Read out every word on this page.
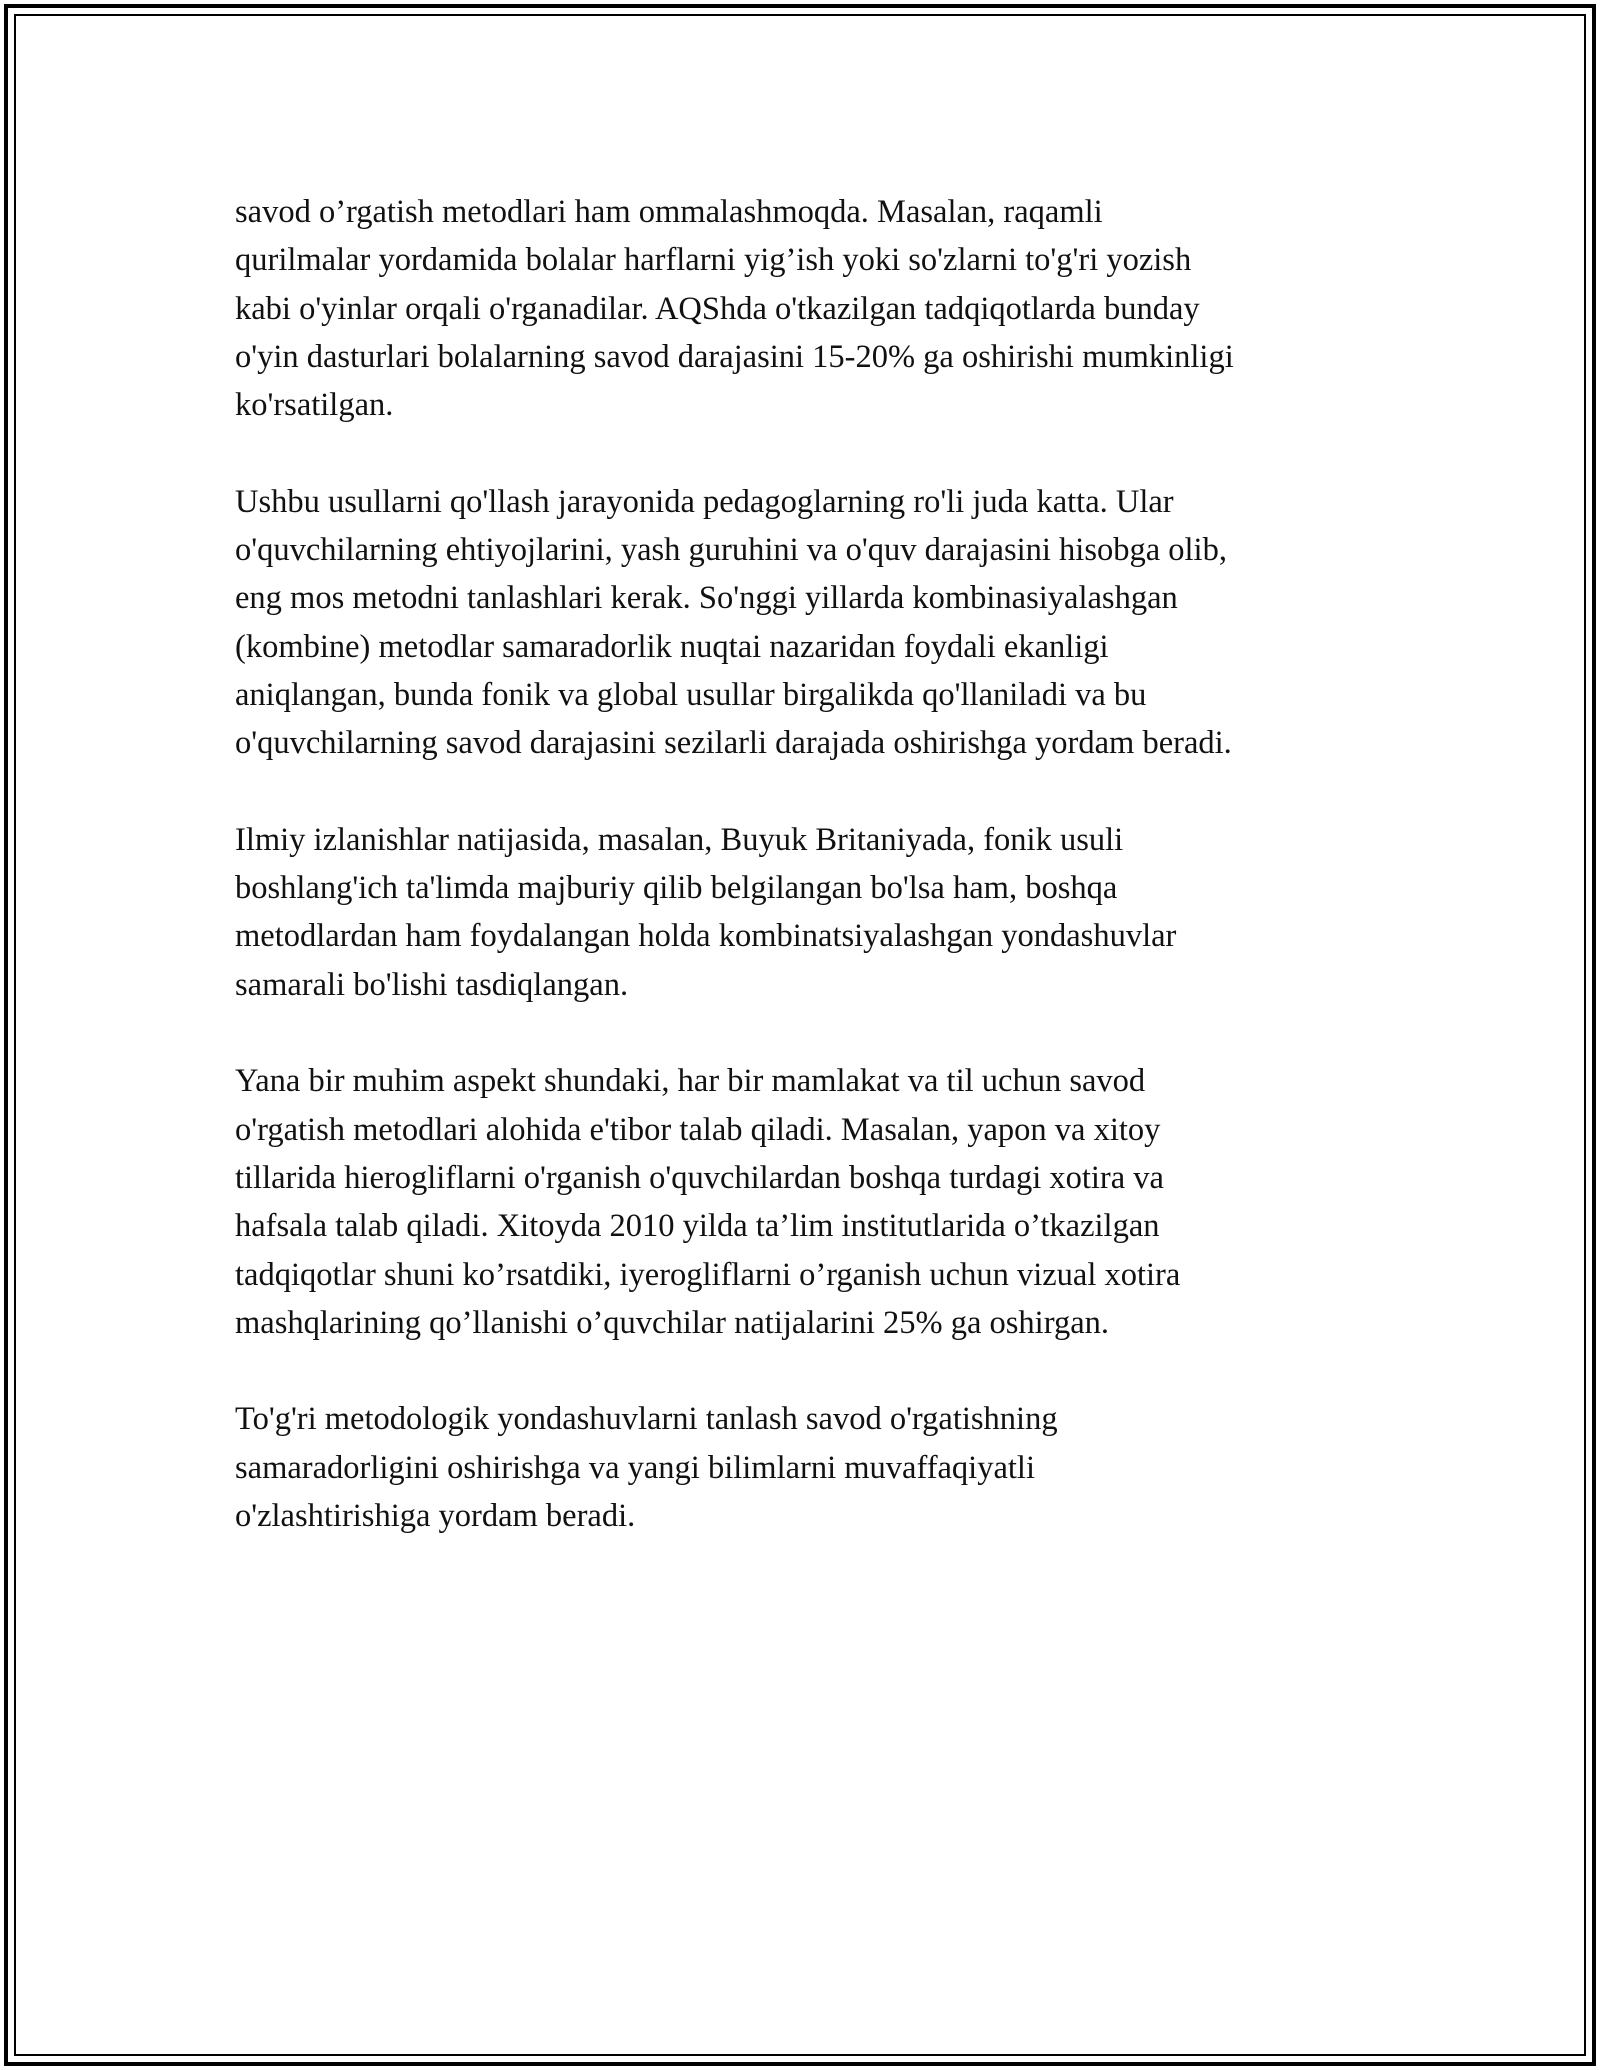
savod o’rgatish metodlari ham ommalashmoqda. Masalan, raqamli
qurilmalar yordamida bolalar harflarni yig’ish yoki so'zlarni to'g'ri yozish
kabi o'yinlar orqali o'rganadilar. AQShda o'tkazilgan tadqiqotlarda bunday
o'yin dasturlari bolalarning savod darajasini 15-20% ga oshirishi mumkinligi
ko'rsatilgan.

Ushbu usullarni qo'llash jarayonida pedagoglarning ro'li juda katta. Ular
o'quvchilarning ehtiyojlarini, yash guruhini va o'quv darajasini hisobga olib,
eng mos metodni tanlashlari kerak. So'nggi yillarda kombinasiyalashgan
(kombine) metodlar samaradorlik nuqtai nazaridan foydali ekanligi
aniqlangan, bunda fonik va global usullar birgalikda qo'llaniladi va bu
o'quvchilarning savod darajasini sezilarli darajada oshirishga yordam beradi.

Ilmiy izlanishlar natijasida, masalan, Buyuk Britaniyada, fonik usuli
boshlang'ich ta'limda majburiy qilib belgilangan bo'lsa ham, boshqa
metodlardan ham foydalangan holda kombinatsiyalashgan yondashuvlar
samarali bo'lishi tasdiqlangan.

Yana bir muhim aspekt shundaki, har bir mamlakat va til uchun savod
o'rgatish metodlari alohida e'tibor talab qiladi. Masalan, yapon va xitoy
tillarida hierogliflarni o'rganish o'quvchilardan boshqa turdagi xotira va
hafsala talab qiladi. Xitoyda 2010 yilda ta’lim institutlarida o’tkazilgan
tadqiqotlar shuni ko’rsatdiki, iyerogliflarni o’rganish uchun vizual xotira
mashqlarining qo’llanishi o’quvchilar natijalarini 25% ga oshirgan.

To'g'ri metodologik yondashuvlarni tanlash savod o'rgatishning
samaradorligini oshirishga va yangi bilimlarni muvaffaqiyatli
o'zlashtirishiga yordam beradi.
